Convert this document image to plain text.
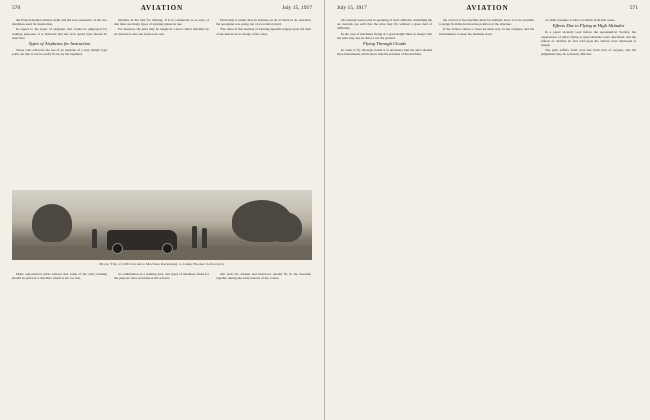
570	AVIATION	July 15, 1917

the French method should result and the less expensive of the two machines used for instruction.

In regard to the types of airplanes that would be employed for training purposes, it is believed that the slow speed type should be used first.

Types of Airplanes for Instruction

Those who advocate the use of an airplane of a very simple type point out that it can be easily flown by the beginner.

machine in the best for training. If it is considered as an easy of that there are many types of training planes in use.

For instance, the pilot may be taught in a dual control machine by an instructor who sits in the rear seat.

Previously it seems that an airplane on an accident in an operation the aeroplane was going out of an aviation field.

The value of this method of training depends largely upon the skill of the instructor in charge of the class.

Motor Trip of Official Auto Machine Returning to Camp Hooker Laboratory

Many experienced pilots believe that some of the early training should be given in a machine which is not too fast.

in combination as a training area, and types of machines fitted for the purpose were provided at the schools.

that both the student and instructor should fly in the machine together during the early lessons of the course.

July 15, 1917	AVIATION	571

has already been noted in speaking of such altitudes. Assuming the air currents are such that the pilot may fly without a great deal of difficulty.

In the case of machines flying at a great height there is danger that the pilot may not be able to see the ground.

Flying Through Clouds

In order to fly through clouds it is necessary that the pilot should have instruments which show him the position of his machine.

the control of the machine must be retained, since it is not possible to judge from the horizon the position of the airplane.

If the aviator enters a cloud he must rely on his compass and his inclinometer to keep the machine level.

we shall continue to have accidents from this cause.

Effects Due to Flying at High Altitudes

In a paper recently read before the Aeronautical Society, the experiences of pilots flying at great altitudes were described, and the effects of rarefied air and cold upon the aviator were discussed at length.

The pilot suffers from cold and from lack of oxygen, and his judgement may be seriously affected.
